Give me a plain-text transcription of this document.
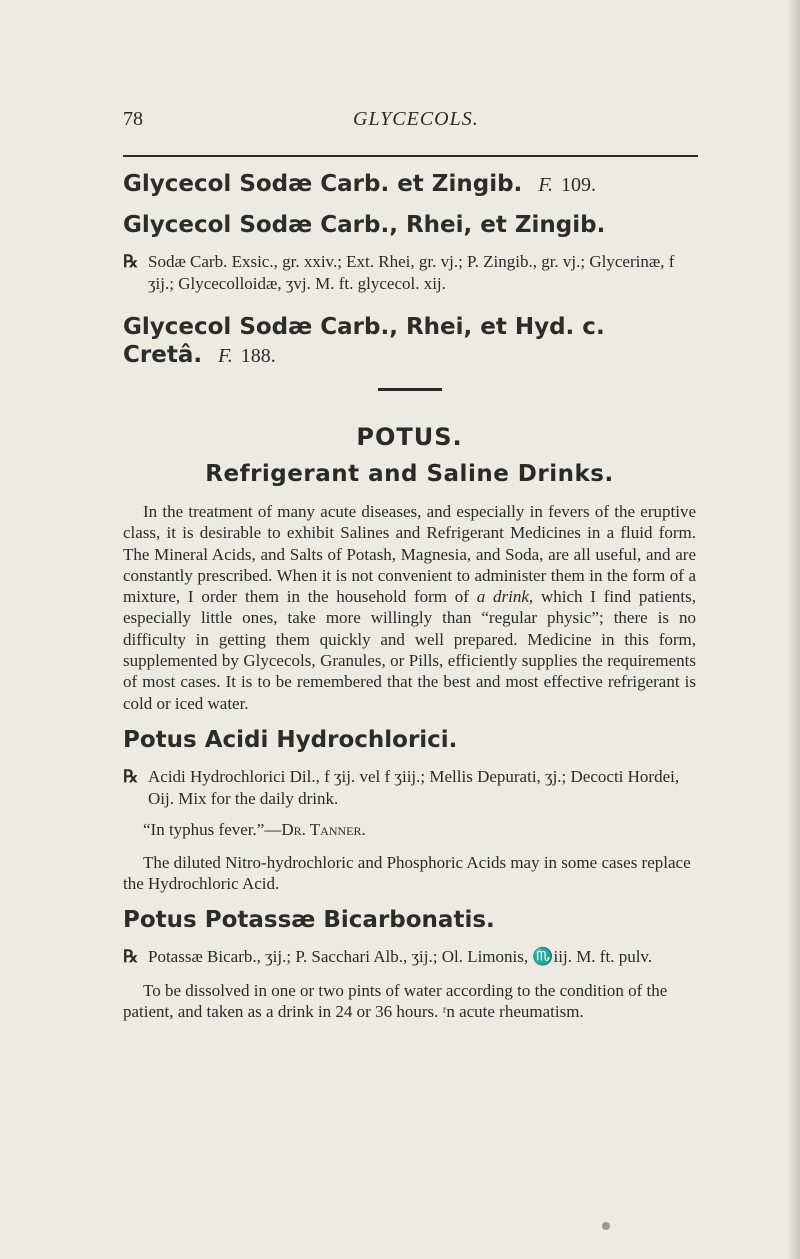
78	GLYCECOLS.

Glycecol Sodæ Carb. et Zingib. F. 109.

Glycecol Sodæ Carb., Rhei, et Zingib.

℞ Sodæ Carb. Exsic., gr. xxiv.; Ext. Rhei, gr. vj.; P. Zingib., gr. vj.; Glycerinæ, f ʒij.; Glycecolloidæ, ʒvj. M. ft. glycecol. xij.

Glycecol Sodæ Carb., Rhei, et Hyd. c.
Cretâ. F. 188.

POTUS.

Refrigerant and Saline Drinks.

In the treatment of many acute diseases, and especially in fevers of the eruptive class, it is desirable to exhibit Salines and Refrigerant Medicines in a fluid form. The Mineral Acids, and Salts of Potash, Magnesia, and Soda, are all useful, and are constantly prescribed. When it is not convenient to administer them in the form of a mixture, I order them in the household form of a drink, which I find patients, especially little ones, take more willingly than “regular physic”; there is no difficulty in getting them quickly and well prepared. Medicine in this form, supplemented by Glycecols, Granules, or Pills, efficiently supplies the requirements of most cases. It is to be remembered that the best and most effective refrigerant is cold or iced water.

Potus Acidi Hydrochlorici.

℞ Acidi Hydrochlorici Dil., f ʒij. vel f ʒiij.; Mellis Depurati, ʒj.; Decocti Hordei, Oij. Mix for the daily drink.

“In typhus fever.”—Dr. Tanner.

The diluted Nitro-hydrochloric and Phosphoric Acids may in some cases replace the Hydrochloric Acid.

Potus Potassæ Bicarbonatis.

℞ Potassæ Bicarb., ʒij.; P. Sacchari Alb., ʒij.; Ol. Limonis, ♏iij. M. ft. pulv.

To be dissolved in one or two pints of water according to the condition of the patient, and taken as a drink in 24 or 36 hours. ʳn acute rheumatism.
